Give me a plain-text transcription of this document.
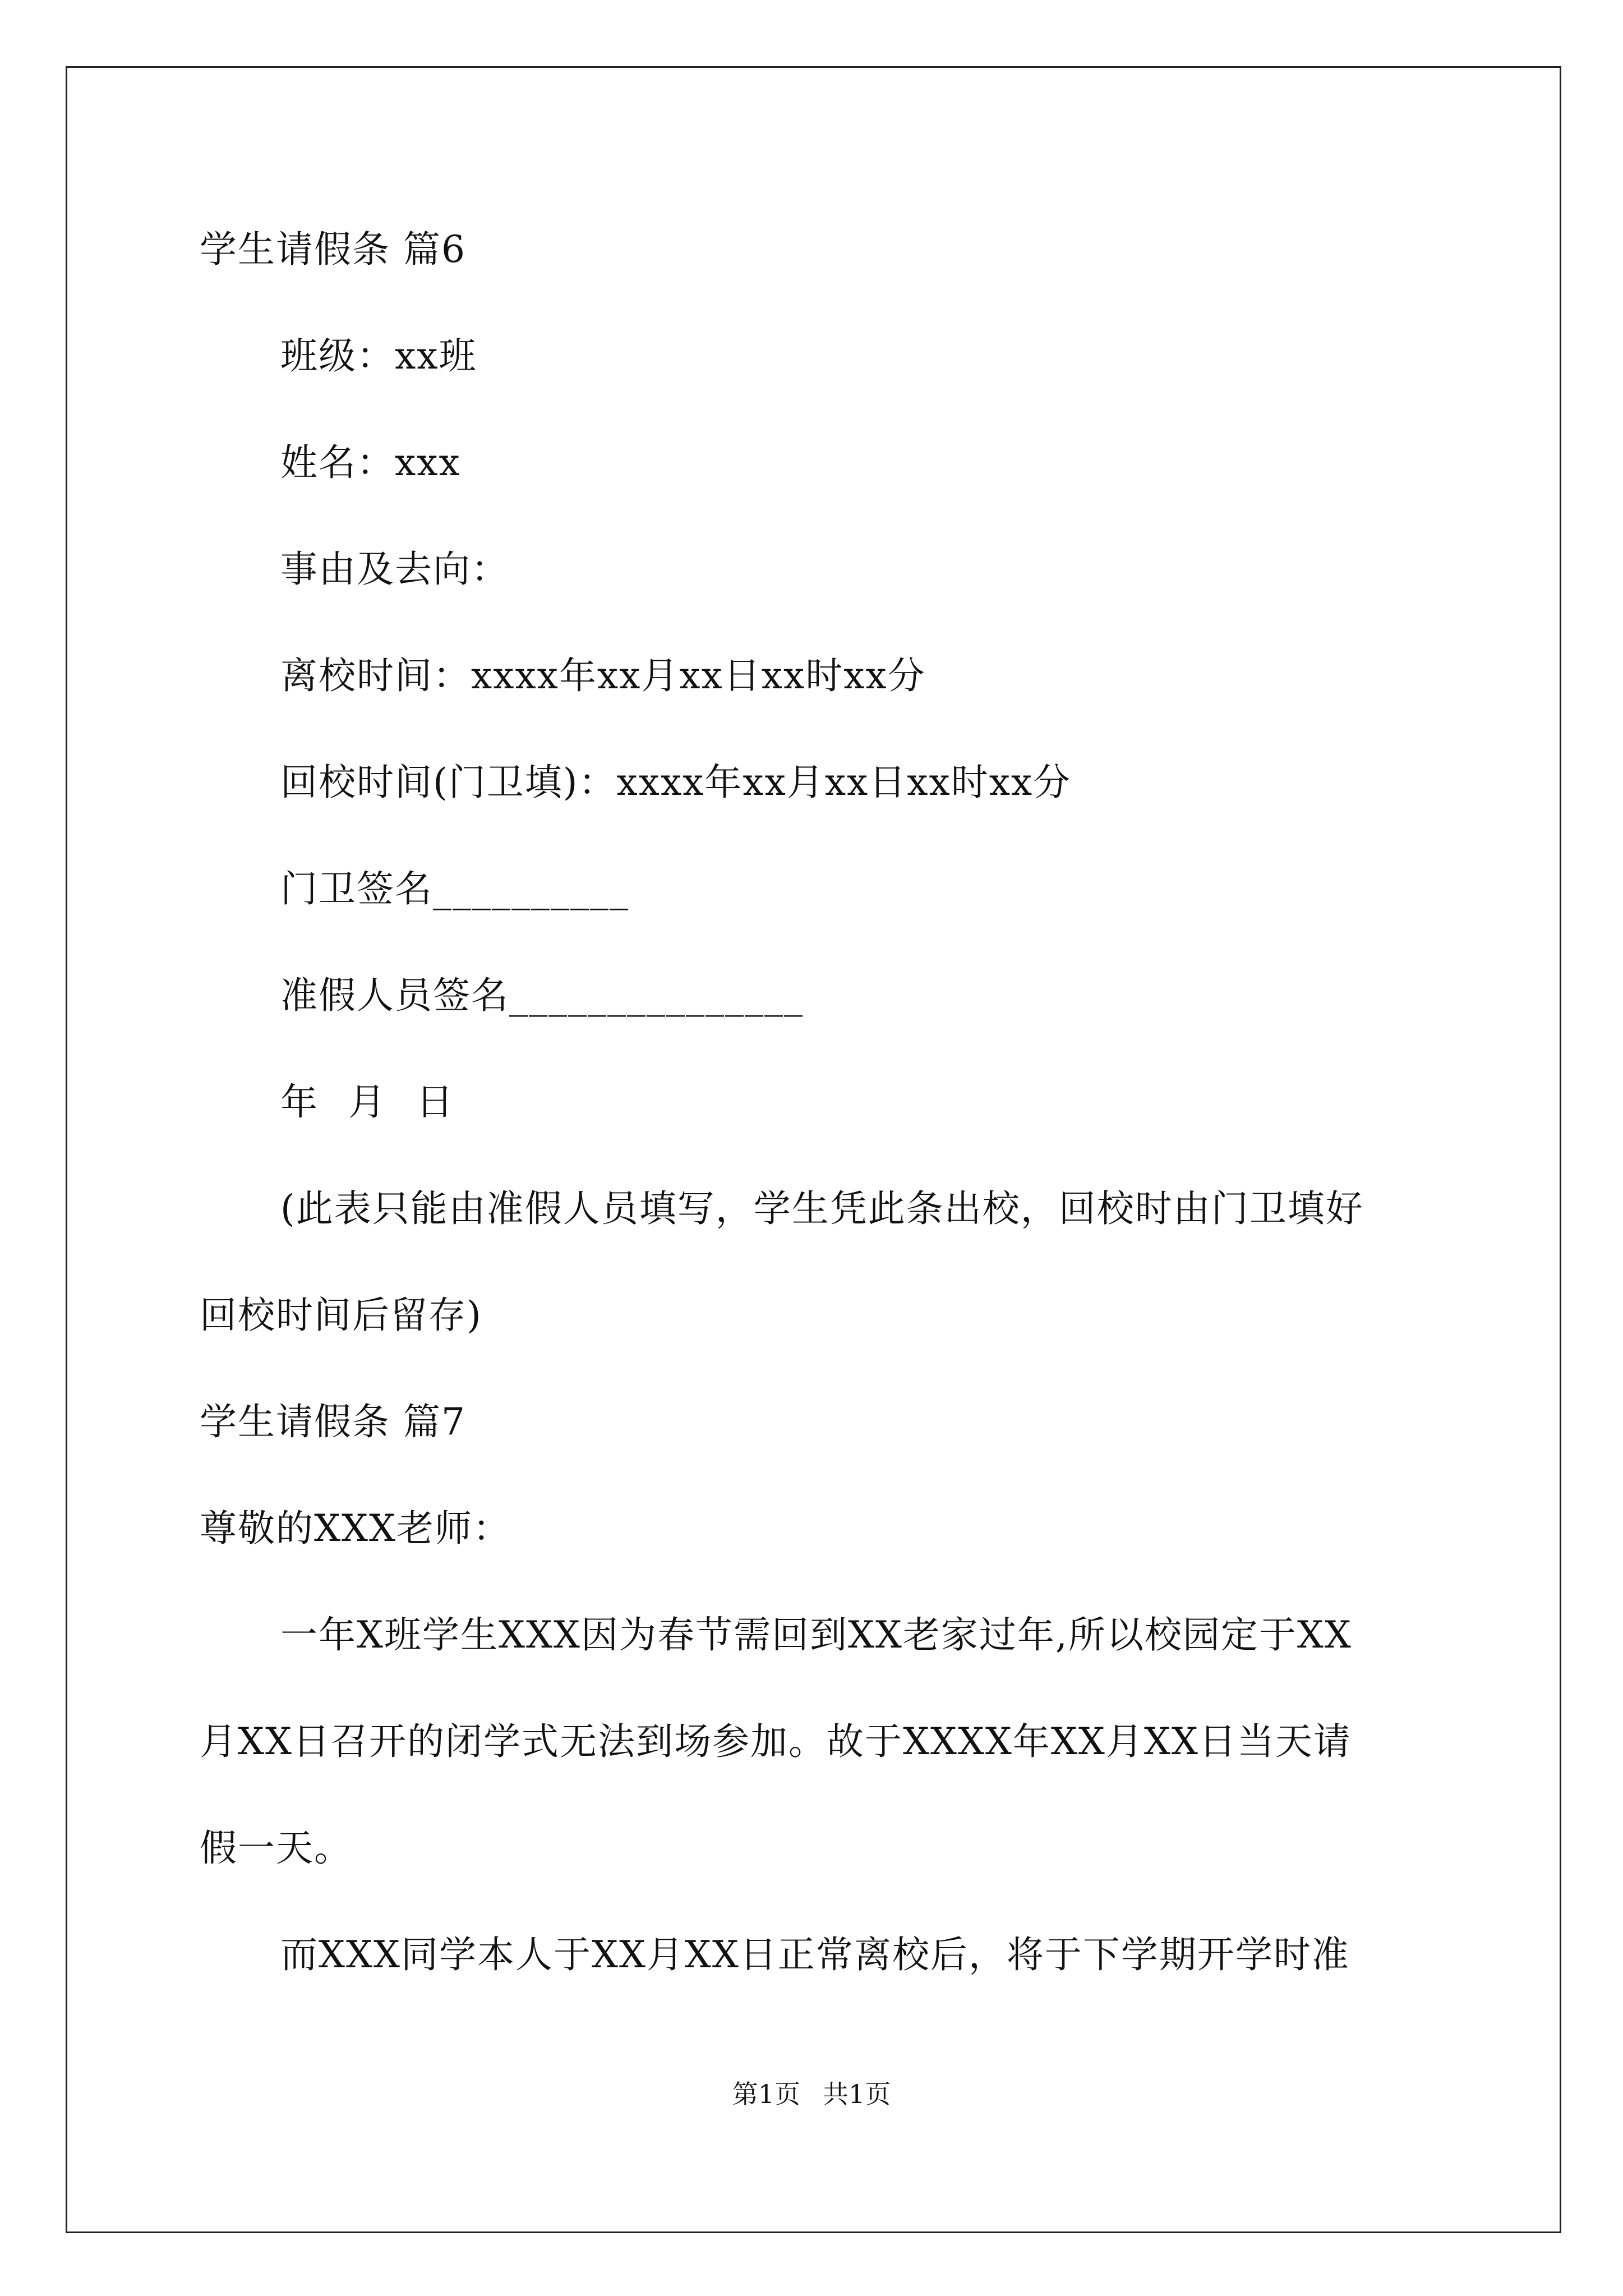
学生请假条 篇6
班级：xx班
姓名：xxx
事由及去向：
离校时间：xxxx年xx月xx日xx时xx分
回校时间(门卫填)：xxxx年xx月xx日xx时xx分
门卫签名__________
准假人员签名_______________
年 月 日
(此表只能由准假人员填写，学生凭此条出校，回校时由门卫填好
回校时间后留存)
学生请假条 篇7
尊敬的XXX老师：
一年X班学生XXX因为春节需回到XX老家过年,所以校园定于XX
月XX日召开的闭学式无法到场参加。故于XXXX年XX月XX日当天请
假一天。
而XXX同学本人于XX月XX日正常离校后，将于下学期开学时准
第1页 共1页
